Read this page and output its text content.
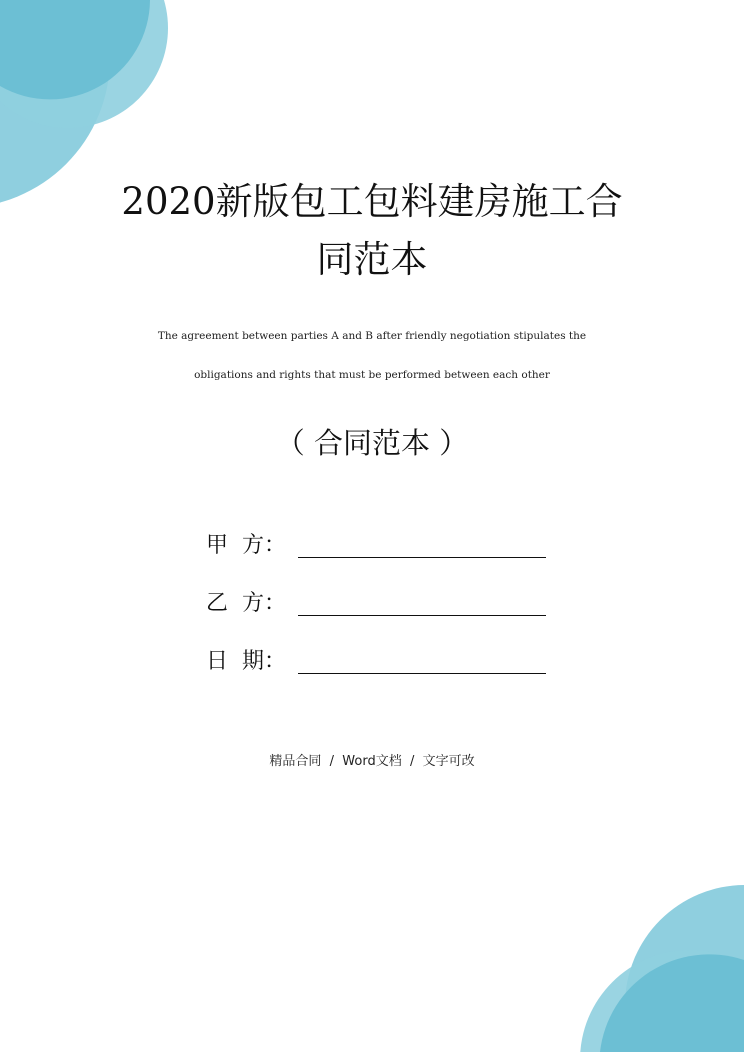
2020新版包工包料建房施工合
同范本
The agreement between parties A and B after friendly negotiation stipulates the
obligations and rights that must be performed between each other
（ 合同范本 ）
甲  方：
乙  方：
日  期：
精品合同  /  Word文档  /  文字可改
